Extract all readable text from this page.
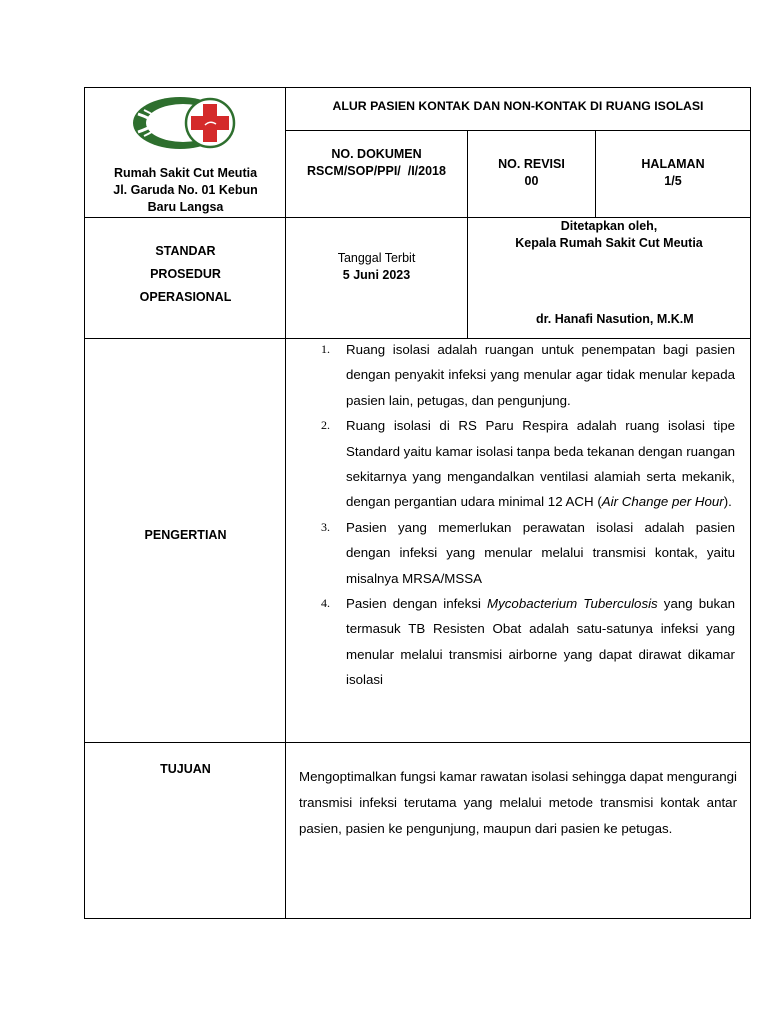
Rumah Sakit Cut Meutia
Jl. Garuda No. 01 Kebun
Baru Langsa
ALUR PASIEN KONTAK DAN NON-KONTAK DI RUANG ISOLASI
NO. DOKUMEN
RSCM/SOP/PPI/  /I/2018	NO. REVISI
00
HALAMAN
1/5
STANDAR
PROSEDUR
OPERASIONAL
Tanggal Terbit
5 Juni 2023
Ditetapkan oleh,
Kepala Rumah Sakit Cut Meutia
dr. Hanafi Nasution, M.K.M
PENGERTIAN
1. Ruang isolasi adalah ruangan untuk penempatan bagi pasien dengan penyakit infeksi yang menular agar tidak menular kepada pasien lain, petugas, dan pengunjung.
2. Ruang isolasi di RS Paru Respira adalah ruang isolasi tipe Standard yaitu kamar isolasi tanpa beda tekanan dengan ruangan sekitarnya yang mengandalkan ventilasi alamiah serta mekanik, dengan pergantian udara minimal 12 ACH (Air Change per Hour).
3. Pasien yang memerlukan perawatan isolasi adalah pasien dengan infeksi yang menular melalui transmisi kontak, yaitu misalnya MRSA/MSSA
4. Pasien dengan infeksi Mycobacterium Tuberculosis yang bukan termasuk TB Resisten Obat adalah satu-satunya infeksi yang menular melalui transmisi airborne yang dapat dirawat dikamar isolasi
TUJUAN	Mengoptimalkan fungsi kamar rawatan isolasi sehingga dapat mengurangi transmisi infeksi terutama yang melalui metode transmisi kontak antar pasien, pasien ke pengunjung, maupun dari pasien ke petugas.
